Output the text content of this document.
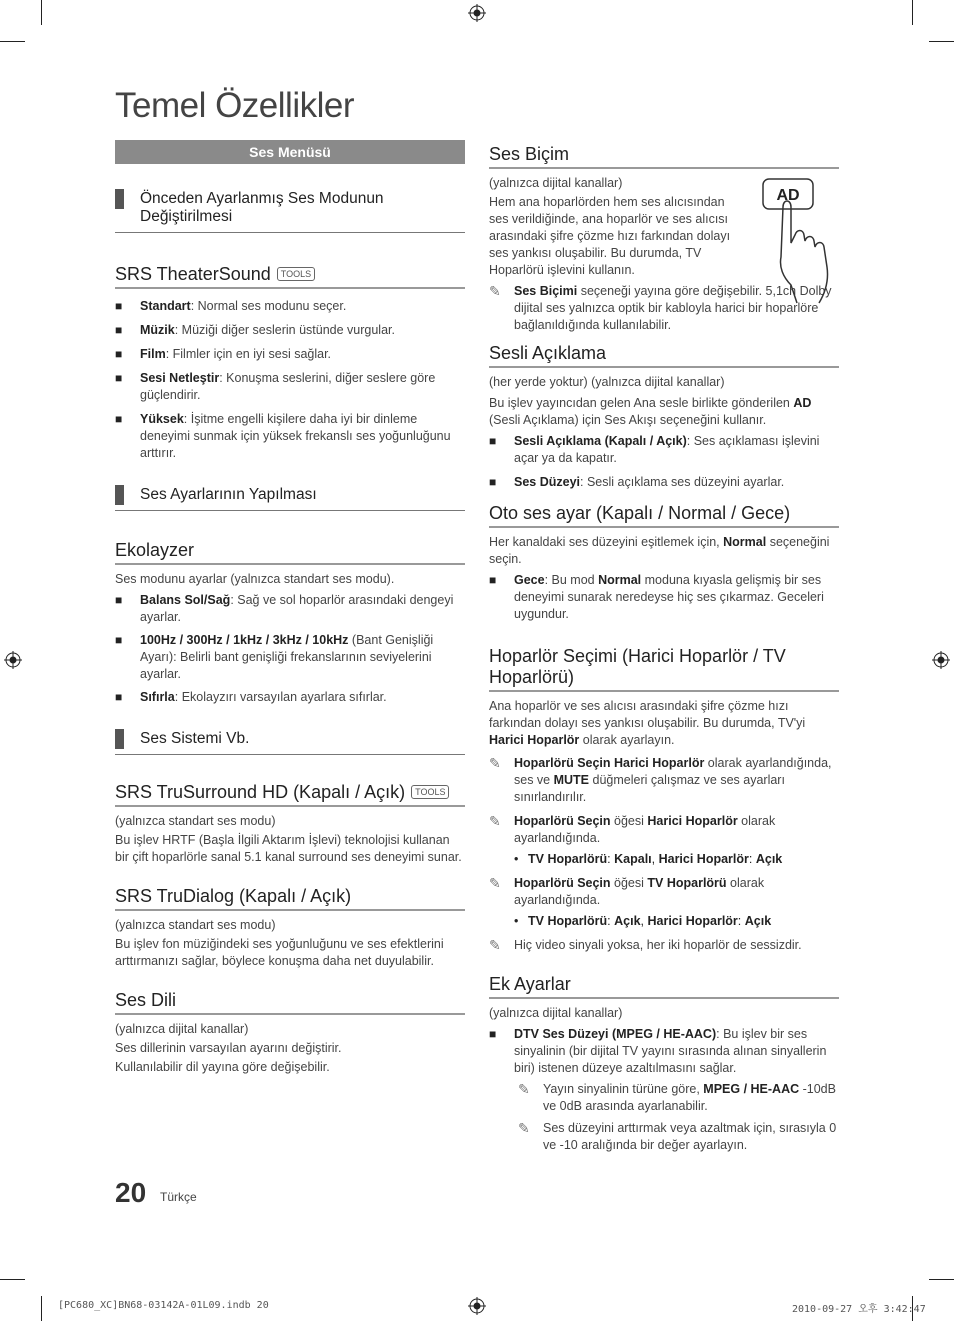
Temel Özellikler
Ses Menüsü
Önceden Ayarlanmış Ses Modunun Değiştirilmesi
SRS TheaterSound TOOLS
■	Standart: Normal ses modunu seçer.
■	Müzik: Müziği diğer seslerin üstünde vurgular.
■	Film: Filmler için en iyi sesi sağlar.
■	Sesi Netleştir: Konuşma seslerini, diğer seslere göre güçlendirir.
■	Yüksek: İşitme engelli kişilere daha iyi bir dinleme deneyimi sunmak için yüksek frekanslı ses yoğunluğunu arttırır.
Ses Ayarlarının Yapılması
Ekolayzer
Ses modunu ayarlar (yalnızca standart ses modu).
■	Balans Sol/Sağ: Sağ ve sol hoparlör arasındaki dengeyi ayarlar.
■	100Hz / 300Hz / 1kHz / 3kHz / 10kHz (Bant Genişliği Ayarı): Belirli bant genişliği frekanslarının seviyelerini ayarlar.
■	Sıfırla: Ekolayzırı varsayılan ayarlara sıfırlar.
Ses Sistemi Vb.
SRS TruSurround HD (Kapalı / Açık) TOOLS
(yalnızca standart ses modu)
Bu işlev HRTF (Başla İlgili Aktarım İşlevi) teknolojisi kullanan bir çift hoparlörle sanal 5.1 kanal surround ses deneyimi sunar.
SRS TruDialog (Kapalı / Açık)
(yalnızca standart ses modu)
Bu işlev fon müziğindeki ses yoğunluğunu ve ses efektlerini arttırmanızı sağlar, böylece konuşma daha net duyulabilir.
Ses Dili
(yalnızca dijital kanallar)
Ses dillerinin varsayılan ayarını değiştirir.
Kullanılabilir dil yayına göre değişebilir.
Ses Biçim
(yalnızca dijital kanallar)
Hem ana hoparlörden hem ses alıcısından ses verildiğinde, ana hoparlör ve ses alıcısı arasındaki şifre çözme hızı farkından dolayı ses yankısı oluşabilir. Bu durumda, TV Hoparlörü işlevini kullanın.
AD
✎	Ses Biçimi seçeneği yayına göre değişebilir. 5,1ch Dolby dijital ses yalnızca optik bir kabloyla harici bir hoparlöre bağlanıldığında kullanılabilir.
Sesli Açıklama
(her yerde yoktur) (yalnızca dijital kanallar)
Bu işlev yayıncıdan gelen Ana sesle birlikte gönderilen AD (Sesli Açıklama) için Ses Akışı seçeneğini kullanır.
■	Sesli Açıklama (Kapalı / Açık): Ses açıklaması işlevini açar ya da kapatır.
■	Ses Düzeyi: Sesli açıklama ses düzeyini ayarlar.
Oto ses ayar (Kapalı / Normal / Gece)
Her kanaldaki ses düzeyini eşitlemek için, Normal seçeneğini seçin.
■	Gece: Bu mod Normal moduna kıyasla gelişmiş bir ses deneyimi sunarak neredeyse hiç ses çıkarmaz. Geceleri uygundur.
Hoparlör Seçimi (Harici Hoparlör / TV Hoparlörü)
Ana hoparlör ve ses alıcısı arasındaki şifre çözme hızı farkından dolayı ses yankısı oluşabilir. Bu durumda, TV'yi Harici Hoparlör olarak ayarlayın.
✎	Hoparlörü Seçin Harici Hoparlör olarak ayarlandığında, ses ve MUTE düğmeleri çalışmaz ve ses ayarları sınırlandırılır.
✎	Hoparlörü Seçin öğesi Harici Hoparlör olarak ayarlandığında.
• TV Hoparlörü: Kapalı, Harici Hoparlör: Açık
✎	Hoparlörü Seçin öğesi TV Hoparlörü olarak ayarlandığında.
• TV Hoparlörü: Açık, Harici Hoparlör: Açık
✎	Hiç video sinyali yoksa, her iki hoparlör de sessizdir.
Ek Ayarlar
(yalnızca dijital kanallar)
■	DTV Ses Düzeyi (MPEG / HE-AAC): Bu işlev bir ses sinyalinin (bir dijital TV yayını sırasında alınan sinyallerin biri) istenen düzeye azaltılmasını sağlar.
✎	Yayın sinyalinin türüne göre, MPEG / HE-AAC -10dB ve 0dB arasında ayarlanabilir.
✎	Ses düzeyini arttırmak veya azaltmak için, sırasıyla 0 ve -10 aralığında bir değer ayarlayın.
20 Türkçe
[PC680_XC]BN68-03142A-01L09.indb 20	2010-09-27 오후 3:42:47
